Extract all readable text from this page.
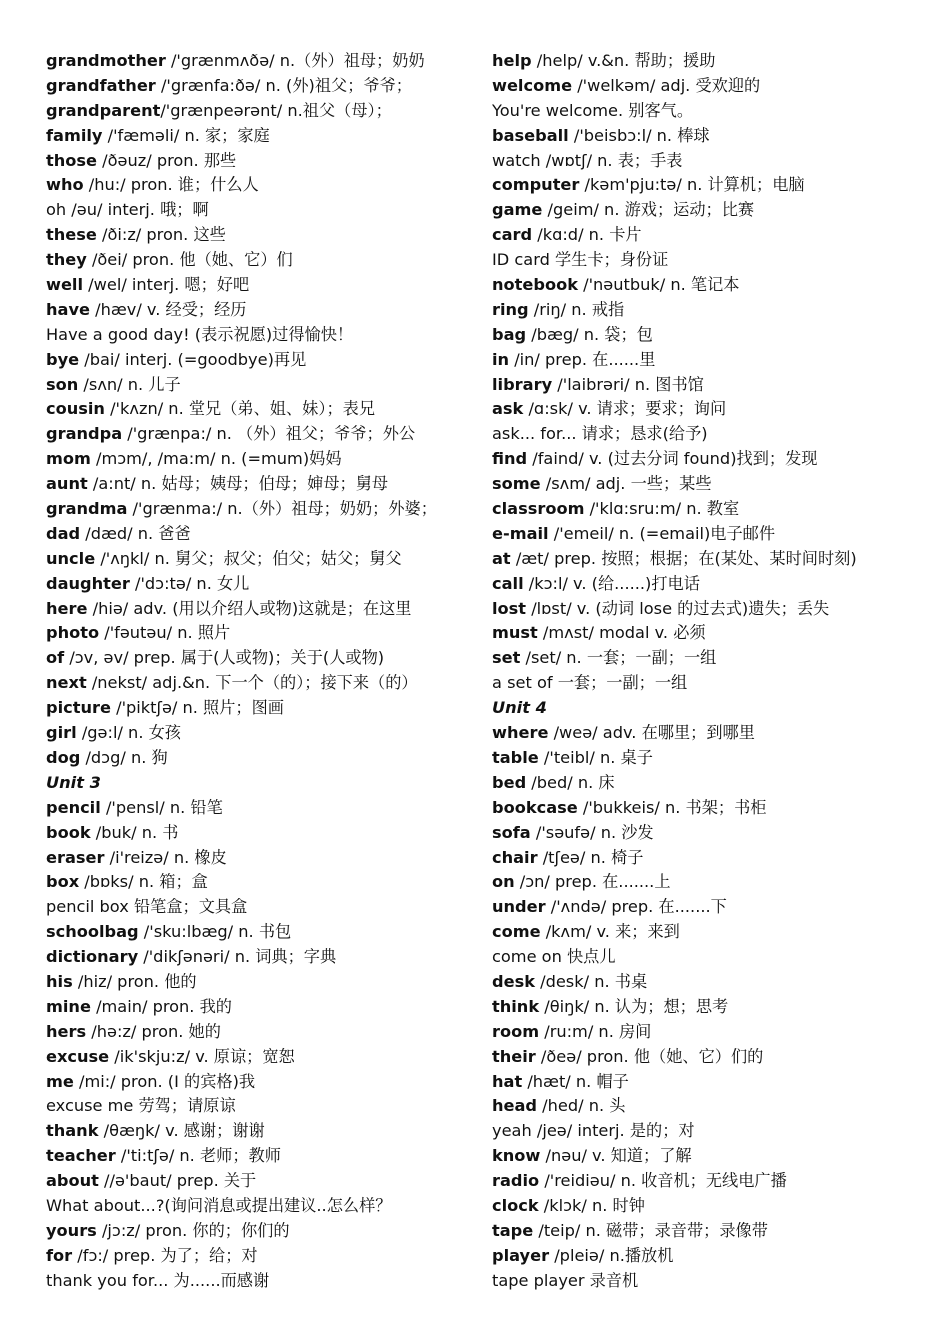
grandmother /'grænmʌðə/ n.（外）祖母；奶奶
grandfather /'grænfa:ðə/ n. (外)祖父；爷爷；
grandparent/'grænpeərənt/ n.祖父（母）；
family /'fæməli/ n. 家；家庭
those /ðəuz/ pron. 那些
who /hu:/ pron. 谁；什么人
oh /əu/ interj. 哦；啊
these /ði:z/ pron. 这些
they /ðei/ pron. 他（她、它）们
well /wel/ interj. 嗯；好吧
have /hæv/ v. 经受；经历
Have a good day! (表示祝愿)过得愉快！
bye /bai/ interj. (=goodbye)再见
son /sʌn/ n. 儿子
cousin /'kʌzn/ n. 堂兄（弟、姐、妹）；表兄
grandpa /'grænpa:/ n. （外）祖父；爷爷；外公
mom /mɔm/, /ma:m/ n. (=mum)妈妈
aunt /a:nt/ n. 姑母；姨母；伯母；婶母；舅母
grandma /'grænma:/ n.（外）祖母；奶奶；外婆；
dad /dæd/ n. 爸爸
uncle /'ʌŋkl/ n. 舅父；叔父；伯父；姑父；舅父
daughter /'dɔ:tə/ n. 女儿
here /hiə/ adv. (用以介绍人或物)这就是；在这里
photo /'fəutəu/ n. 照片
of /ɔv, əv/ prep. 属于(人或物)；关于(人或物)
next /nekst/ adj.&n. 下一个（的）；接下来（的）
picture /'piktʃə/ n. 照片；图画
girl /gə:l/ n. 女孩
dog /dɔg/ n. 狗
Unit 3
pencil /'pensl/ n. 铅笔
book /buk/ n. 书
eraser /i'reizə/ n. 橡皮
box /bɒks/ n. 箱；盒
pencil box 铅笔盒；文具盒
schoolbag /'sku:lbæg/ n. 书包
dictionary /'dikʃənəri/ n. 词典；字典
his /hiz/ pron. 他的
mine /main/ pron. 我的
hers /hə:z/ pron. 她的
excuse /ik'skju:z/ v. 原谅；宽恕
me /mi:/ pron. (I 的宾格)我
excuse me 劳驾；请原谅
thank /θæŋk/ v. 感谢；谢谢
teacher /'ti:tʃə/ n. 老师；教师
about //ə'baut/ prep. 关于
What about...?(询问消息或提出建议..怎么样？
yours /jɔ:z/ pron. 你的；你们的
for /fɔ:/ prep. 为了；给；对
thank you for... 为......而感谢
help /help/ v.&n. 帮助；援助
welcome /'welkəm/ adj. 受欢迎的
You're welcome. 别客气。
baseball /'beisbɔ:l/ n. 棒球
watch /wɒtʃ/ n. 表；手表
computer /kəm'pju:tə/ n. 计算机；电脑
game /geim/ n. 游戏；运动；比赛
card /kɑ:d/ n. 卡片
ID card 学生卡；身份证
notebook /'nəutbuk/ n. 笔记本
ring /riŋ/ n. 戒指
bag /bæg/ n. 袋；包
in /in/ prep. 在......里
library /'laibrəri/ n. 图书馆
ask /ɑ:sk/ v. 请求；要求；询问
ask... for... 请求；恳求(给予)
find /faind/ v. (过去分词 found)找到；发现
some /sʌm/ adj. 一些；某些
classroom /'klɑ:sru:m/ n. 教室
e-mail /'emeil/ n. (=email)电子邮件
at /æt/ prep. 按照；根据；在(某处、某时间时刻)
call /kɔ:l/ v. (给......)打电话
lost /lɒst/ v. (动词 lose 的过去式)遗失；丢失
must /mʌst/ modal v. 必须
set /set/ n. 一套；一副；一组
a set of 一套；一副；一组
Unit 4
where /weə/ adv. 在哪里；到哪里
table /'teibl/ n. 桌子
bed /bed/ n. 床
bookcase /'bukkeis/ n. 书架；书柜
sofa /'səufə/ n. 沙发
chair /tʃeə/ n. 椅子
on /ɔn/ prep. 在.......上
under /'ʌndə/ prep. 在.......下
come /kʌm/ v. 来；来到
come on 快点儿
desk /desk/ n. 书桌
think /θiŋk/ n. 认为；想；思考
room /ru:m/ n. 房间
their /ðeə/ pron. 他（她、它）们的
hat /hæt/ n. 帽子
head /hed/ n. 头
yeah /jeə/ interj. 是的；对
know /nəu/ v. 知道；了解
radio /'reidiəu/ n. 收音机；无线电广播
clock /klɔk/ n. 时钟
tape /teip/ n. 磁带；录音带；录像带
player /pleiə/ n.播放机
tape player 录音机
